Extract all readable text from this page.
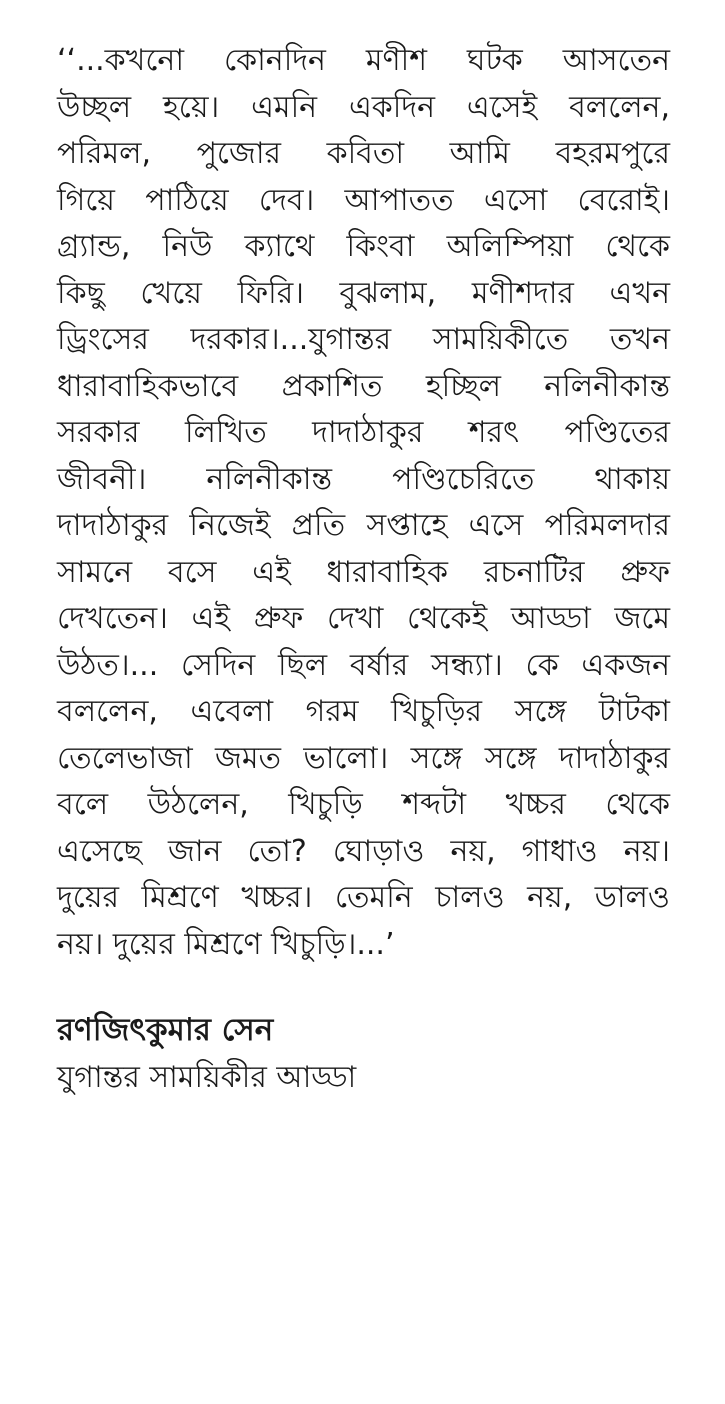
‘‘...কখনো কোনদিন মণীশ ঘটক আসতেন
উচ্ছল হয়ে। এমনি একদিন এসেই বললেন,
পরিমল, পুজোর কবিতা আমি বহরমপুরে
গিয়ে পাঠিয়ে দেব। আপাতত এসো বেরোই।
গ্র্যান্ড, নিউ ক্যাথে কিংবা অলিম্পিয়া থেকে
কিছু খেয়ে ফিরি। বুঝলাম, মণীশদার এখন
ড্রিংসের দরকার।...যুগান্তর সাময়িকীতে তখন
ধারাবাহিকভাবে প্রকাশিত হচ্ছিল নলিনীকান্ত
সরকার লিখিত দাদাঠাকুর শরৎ পণ্ডিতের
জীবনী। নলিনীকান্ত পণ্ডিচেরিতে থাকায়
দাদাঠাকুর নিজেই প্রতি সপ্তাহে এসে পরিমলদার
সামনে বসে এই ধারাবাহিক রচনাটির প্রুফ
দেখতেন। এই প্রুফ দেখা থেকেই আড্ডা জমে
উঠত।... সেদিন ছিল বর্ষার সন্ধ্যা। কে একজন
বললেন, এবেলা গরম খিচুড়ির সঙ্গে টাটকা
তেলেভাজা জমত ভালো। সঙ্গে সঙ্গে দাদাঠাকুর
বলে উঠলেন, খিচুড়ি শব্দটা খচ্চর থেকে
এসেছে জান তো? ঘোড়াও নয়, গাধাও নয়।
দুয়ের মিশ্রণে খচ্চর। তেমনি চালও নয়, ডালও
নয়। দুয়ের মিশ্রণে খিচুড়ি।...’
রণজিৎকুমার সেন
যুগান্তর সাময়িকীর আড্ডা
